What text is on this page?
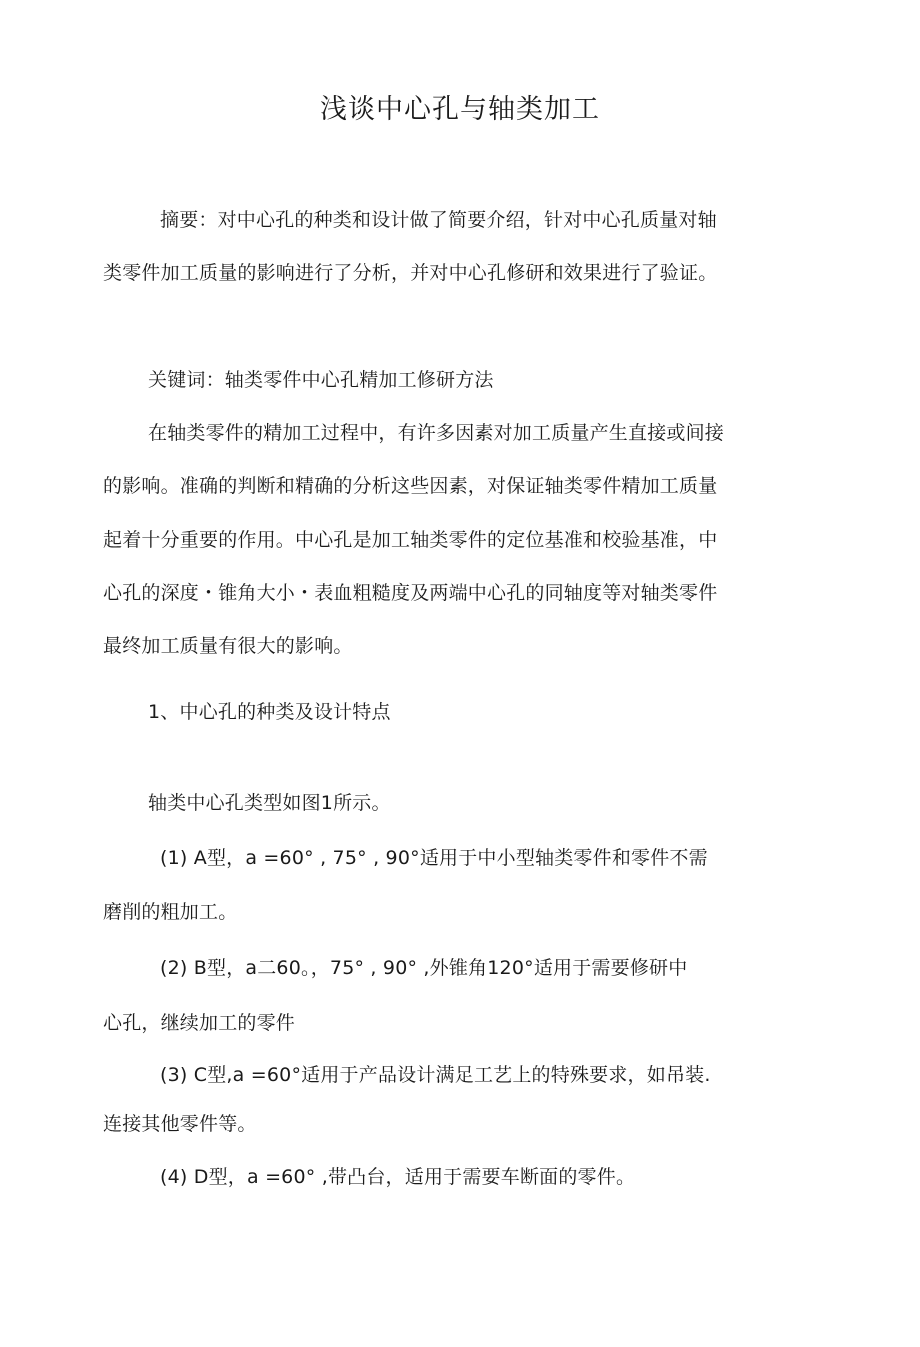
浅谈中心孔与轴类加工
摘要：对中心孔的种类和设计做了简要介绍，针对中心孔质量对轴
类零件加工质量的影响进行了分析，并对中心孔修研和效果进行了验证。
关键词：轴类零件中心孔精加工修研方法
在轴类零件的精加工过程中，有许多因素对加工质量产生直接或间接
的影响。准确的判断和精确的分析这些因素，对保证轴类零件精加工质量
起着十分重要的作用。中心孔是加工轴类零件的定位基准和校验基准，中
心孔的深度・锥角大小・表血粗糙度及两端中心孔的同轴度等对轴类零件
最终加工质量有很大的影响。
1、中心孔的种类及设计特点
轴类中心孔类型如图1所示。
(1) A型，a =60° , 75° , 90°适用于中小型轴类零件和零件不需
磨削的粗加工。
(2) B型，a二60。，75° , 90° ,外锥角120°适用于需要修研中
心孔，继续加工的零件
(3) C型,a =60°适用于产品设计满足工艺上的特殊要求，如吊装.
连接其他零件等。
(4) D型，a =60° ,带凸台，适用于需要车断面的零件。
